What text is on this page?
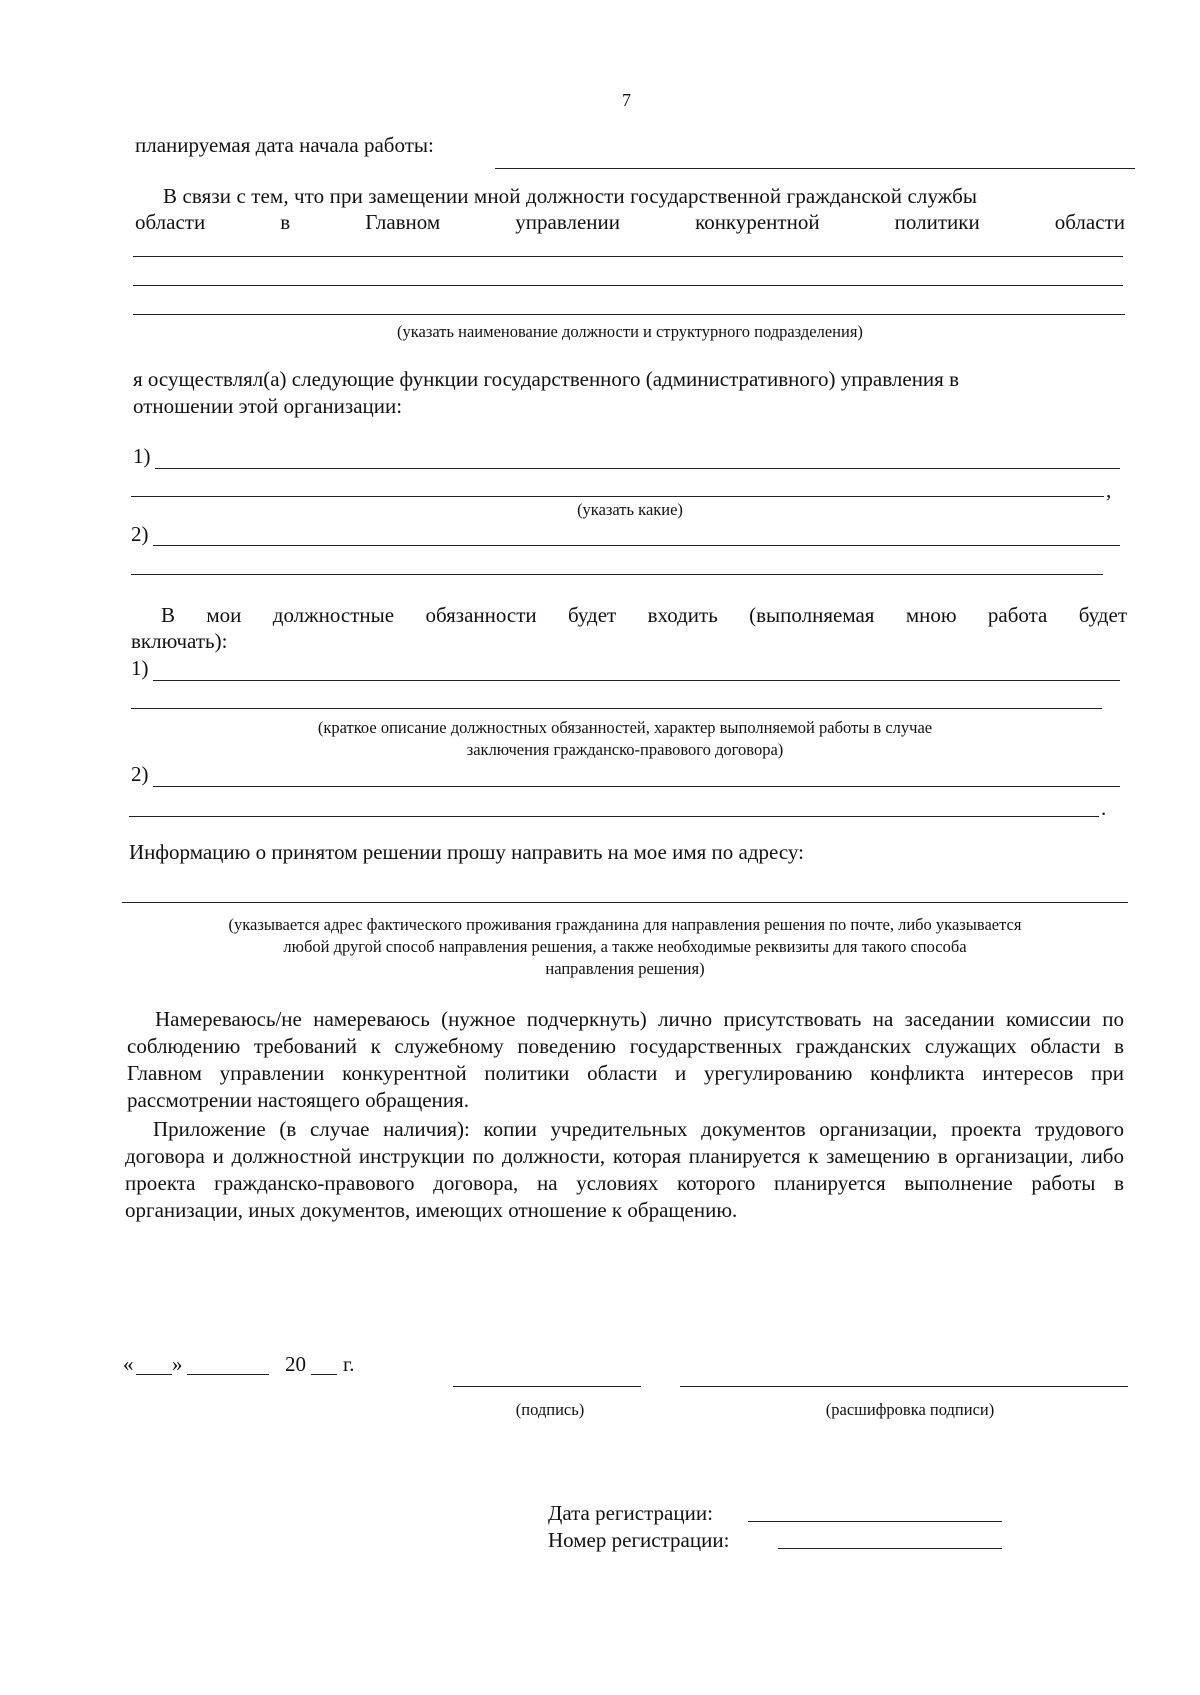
7
планируемая дата начала работы:
В связи с тем, что при замещении мной должности государственной гражданской службы
области	в	Главном	управлении	конкурентной	политики	области
(указать наименование должности и структурного подразделения)
я осуществлял(а) следующие функции государственного (административного) управления в
отношении этой организации:
1)
,
(указать какие)
2)
В мои должностные обязанности будет входить (выполняемая мною работа будет
включать):
1)
(краткое описание должностных обязанностей, характер выполняемой работы в случае
заключения гражданско-правового договора)
2)
.
Информацию о принятом решении прошу направить на мое имя по адресу:
(указывается адрес фактического проживания гражданина для направления решения по почте, либо указывается
любой другой способ направления решения, а также необходимые реквизиты для такого способа
направления решения)
Намереваюсь/не намереваюсь (нужное подчеркнуть) лично присутствовать на заседании комиссии по соблюдению требований к служебному поведению государственных гражданских служащих области в Главном управлении конкурентной политики области и урегулированию конфликта интересов при рассмотрении настоящего обращения.
Приложение (в случае наличия): копии учредительных документов организации, проекта трудового договора и должностной инструкции по должности, которая планируется к замещению в организации, либо проекта гражданско-правового договора, на условиях которого планируется выполнение работы в организации, иных документов, имеющих отношение к обращению.
« »	20 г.
(подпись)	(расшифровка подписи)
Дата регистрации:
Номер регистрации:
